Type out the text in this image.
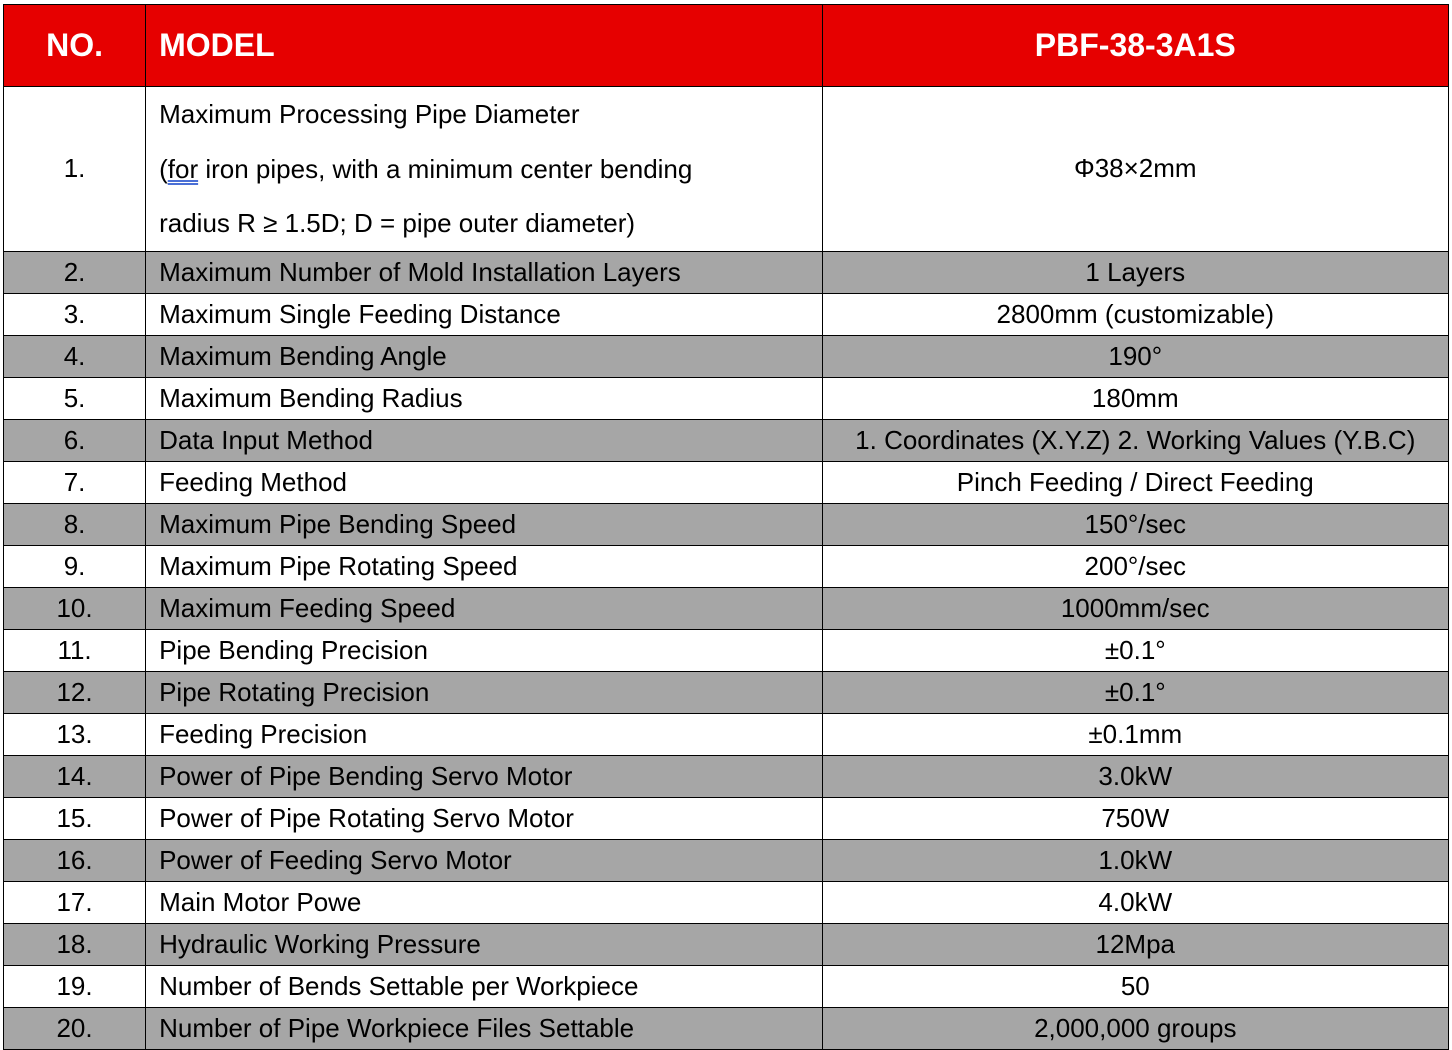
NO.	MODEL	PBF-38-3A1S
1.	Maximum Processing Pipe Diameter
(for iron pipes, with a minimum center bending
radius R ≥ 1.5D; D = pipe outer diameter)	Φ38×2mm
2.	Maximum Number of Mold Installation Layers	1 Layers
3.	Maximum Single Feeding Distance	2800mm (customizable)
4.	Maximum Bending Angle	190°
5.	Maximum Bending Radius	180mm
6.	Data Input Method	1. Coordinates (X.Y.Z) 2. Working Values (Y.B.C)
7.	Feeding Method	Pinch Feeding / Direct Feeding
8.	Maximum Pipe Bending Speed	150°/sec
9.	Maximum Pipe Rotating Speed	200°/sec
10.	Maximum Feeding Speed	1000mm/sec
11.	Pipe Bending Precision	±0.1°
12.	Pipe Rotating Precision	±0.1°
13.	Feeding Precision	±0.1mm
14.	Power of Pipe Bending Servo Motor	3.0kW
15.	Power of Pipe Rotating Servo Motor	750W
16.	Power of Feeding Servo Motor	1.0kW
17.	Main Motor Powe	4.0kW
18.	Hydraulic Working Pressure	12Mpa
19.	Number of Bends Settable per Workpiece	50
20.	Number of Pipe Workpiece Files Settable	2,000,000 groups
